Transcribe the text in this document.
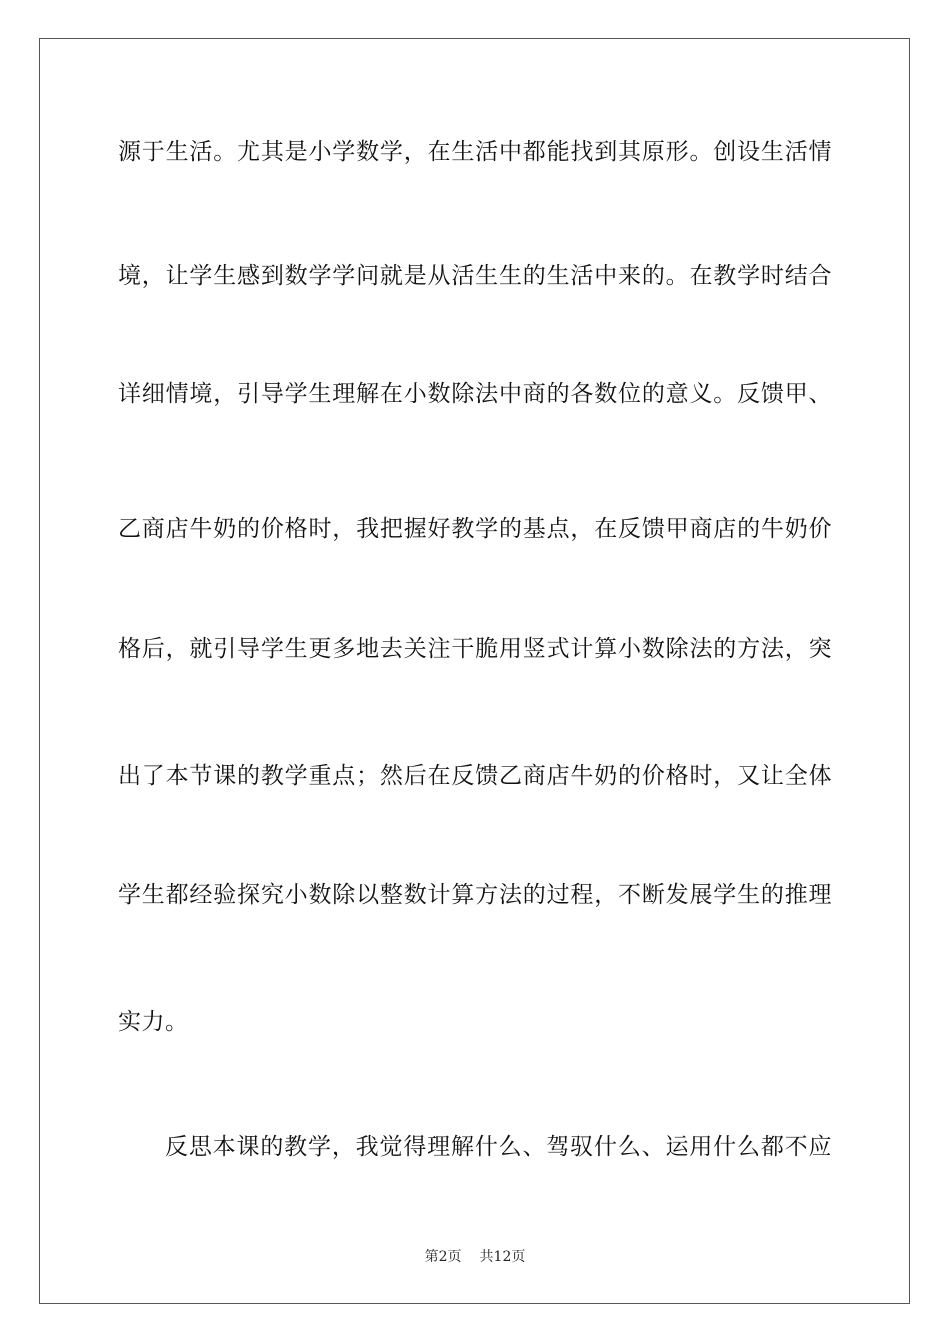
源于生活。尤其是小学数学，在生活中都能找到其原形。创设生活情
境，让学生感到数学学问就是从活生生的生活中来的。在教学时结合
详细情境，引导学生理解在小数除法中商的各数位的意义。反馈甲、
乙商店牛奶的价格时，我把握好教学的基点，在反馈甲商店的牛奶价
格后，就引导学生更多地去关注干脆用竖式计算小数除法的方法，突
出了本节课的教学重点；然后在反馈乙商店牛奶的价格时，又让全体
学生都经验探究小数除以整数计算方法的过程，不断发展学生的推理
实力。
反思本课的教学，我觉得理解什么、驾驭什么、运用什么都不应
第2页 共12页
